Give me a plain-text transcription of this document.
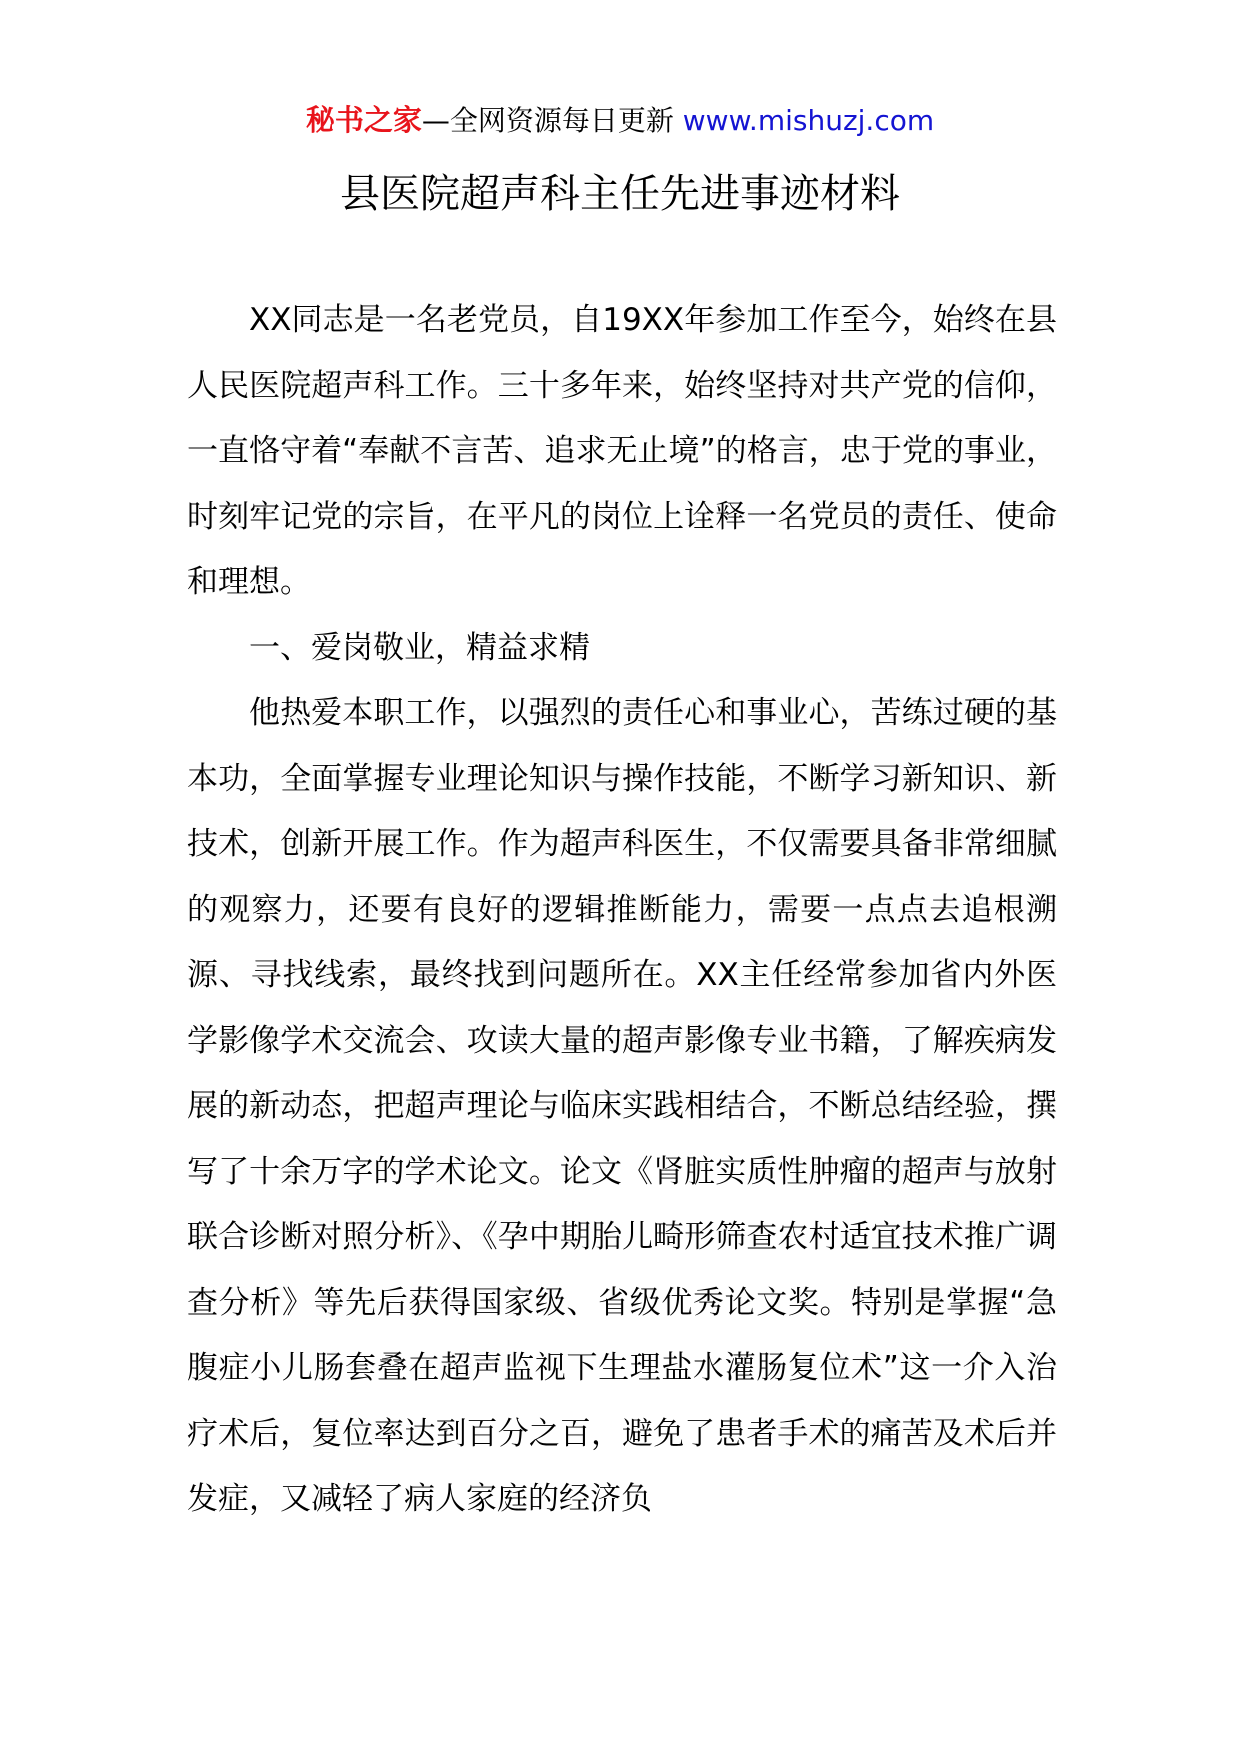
秘书之家—全网资源每日更新 www.mishuzj.com
县医院超声科主任先进事迹材料

XX同志是一名老党员，自19XX年参加工作至今，始终在县人民医院超声科工作。三十多年来，始终坚持对共产党的信仰，一直恪守着“奉献不言苦、追求无止境”的格言，忠于党的事业，时刻牢记党的宗旨，在平凡的岗位上诠释一名党员的责任、使命和理想。

一、爱岗敬业，精益求精

他热爱本职工作，以强烈的责任心和事业心，苦练过硬的基本功，全面掌握专业理论知识与操作技能，不断学习新知识、新技术，创新开展工作。作为超声科医生，不仅需要具备非常细腻的观察力，还要有良好的逻辑推断能力，需要一点点去追根溯源、寻找线索，最终找到问题所在。XX主任经常参加省内外医学影像学术交流会、攻读大量的超声影像专业书籍，了解疾病发展的新动态，把超声理论与临床实践相结合，不断总结经验，撰写了十余万字的学术论文。论文《肾脏实质性肿瘤的超声与放射联合诊断对照分析》、《孕中期胎儿畸形筛查农村适宜技术推广调查分析》等先后获得国家级、省级优秀论文奖。特别是掌握“急腹症小儿肠套叠在超声监视下生理盐水灌肠复位术”这一介入治疗术后，复位率达到百分之百，避免了患者手术的痛苦及术后并发症，又减轻了病人家庭的经济负
